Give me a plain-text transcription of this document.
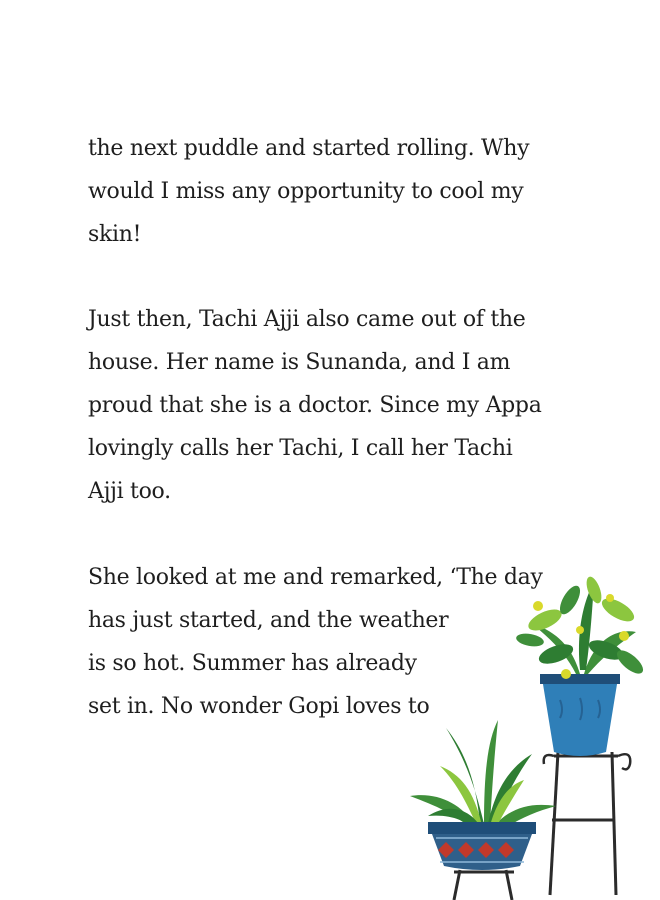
the next puddle and started rolling. Why

would I miss any opportunity to cool my

skin!

Just then, Tachi Ajji also came out of the

house. Her name is Sunanda, and I am

proud that she is a doctor. Since my Appa

lovingly calls her Tachi, I call her Tachi

Ajji too.

She looked at me and remarked, ‘The day

has just started, and the weather

is so hot. Summer has already

set in. No wonder Gopi loves to
